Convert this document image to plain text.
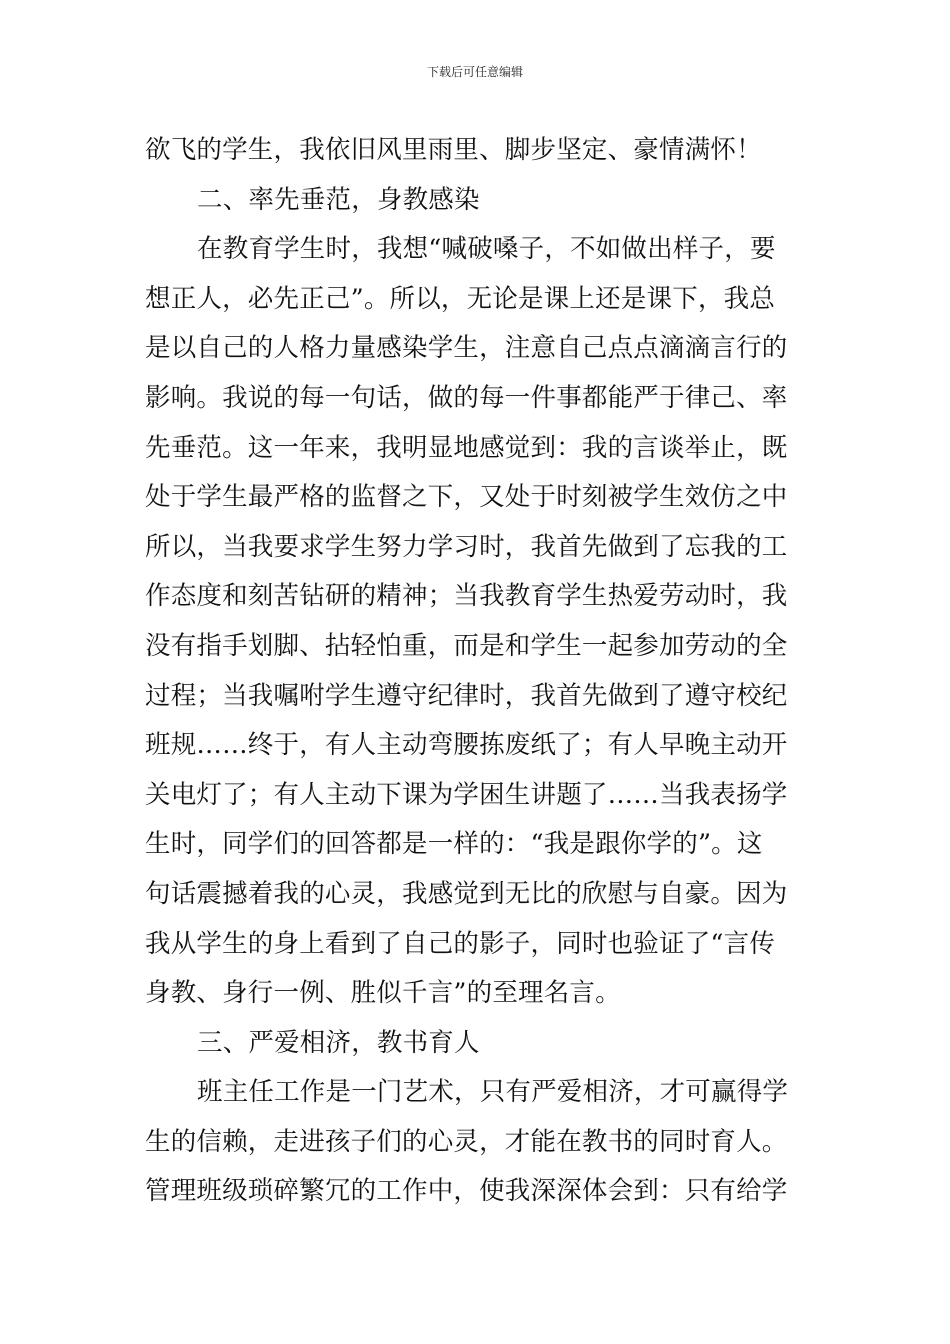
下载后可任意编辑
欲飞的学生，我依旧风里雨里、脚步坚定、豪情满怀！
二、率先垂范，身教感染
在教育学生时，我想“喊破嗓子，不如做出样子，要
想正人，必先正己”。所以，无论是课上还是课下，我总
是以自己的人格力量感染学生，注意自己点点滴滴言行的
影响。我说的每一句话，做的每一件事都能严于律己、率
先垂范。这一年来，我明显地感觉到：我的言谈举止，既
处于学生最严格的监督之下，又处于时刻被学生效仿之中
所以，当我要求学生努力学习时，我首先做到了忘我的工
作态度和刻苦钻研的精神；当我教育学生热爱劳动时，我
没有指手划脚、拈轻怕重，而是和学生一起参加劳动的全
过程；当我嘱咐学生遵守纪律时，我首先做到了遵守校纪
班规……终于，有人主动弯腰拣废纸了；有人早晚主动开
关电灯了；有人主动下课为学困生讲题了……当我表扬学
生时，同学们的回答都是一样的：“我是跟你学的”。这
句话震撼着我的心灵，我感觉到无比的欣慰与自豪。因为
我从学生的身上看到了自己的影子，同时也验证了“言传
身教、身行一例、胜似千言”的至理名言。
三、严爱相济，教书育人
班主任工作是一门艺术，只有严爱相济，才可赢得学
生的信赖，走进孩子们的心灵，才能在教书的同时育人。
管理班级琐碎繁冗的工作中，使我深深体会到：只有给学
